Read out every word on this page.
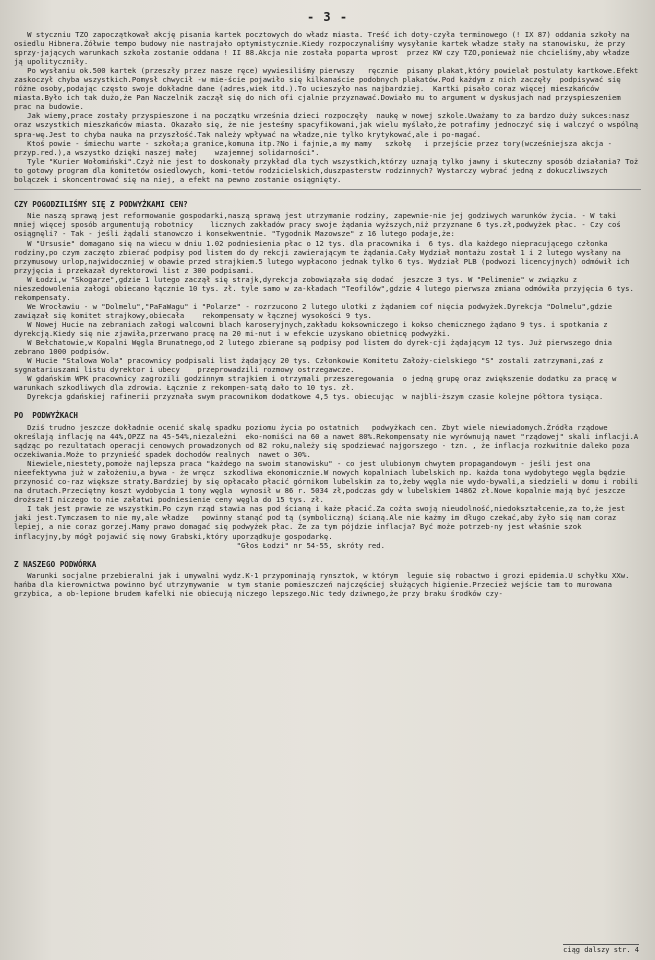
- 3 -

W styczniu TZO zapoczątkował akcję pisania kartek pocztowych do władz miasta. Treść ich doty-czyła terminowego (! IX 87) oddania szkoły na osiedlu Hibnera.Żółwie tempo budowy nie nastrajało optymistycznie.Kiedy rozpoczynaliśmy wysyłanie kartek władze stały na stanowisku, że przy sprzy-jających warunkach szkoła zostanie oddana ! II 88.Akcja nie została poparta wprost  przez KW czy TZO,ponieważ nie chcieliśmy,aby władze ją upolityczniły.

Po wysłaniu ok.500 kartek (przeszły przez nasze ręce) wywiesiliśmy pierwszy   ręcznie  pisany plakat,który powielał postulaty kartkowe.Efekt zaskoczył chyba wszystkich.Pomysł chwycił -w mie-ście pojawiło się kilkanaście podobnych plakatów.Pod każdym z nich zaczęły  podpisywać się różne osoby,podając często swoje dokładne dane (adres,wiek itd.).To ucieszyło nas najbardziej.  Kartki pisało coraz więcej mieszkańców miasta.Było ich tak dużo,że Pan Naczelnik zaczął się do nich ofi cjalnie przyznawać.Dowiało mu to argument w dyskusjach nad przyspieszeniem prac na budowie.

Jak wiemy,prace zostały przyspieszone i na początku września dzieci rozpoczęły  naukę w nowej szkole.Uważamy to za bardzo duży sukces:nasz oraz wszystkich mieszkańców miasta. Okazało się, że nie jesteśmy spacyfikowani,jak wielu myślało,że potrafimy jednoczyć się i walczyć o wspólną spra-wę.Jest to chyba nauka na przyszłość.Tak należy wpływać na władze,nie tylko krytykować,ale i po-magać.

Ktoś powie - śmiechu warte - szkoła;a granice,komuna itp.?No i fajnie,a my mamy   szkołę   i przejście przez tory(wcześniejsza akcja - przyp.red.),a wszystko dzięki naszej małej    wzajemnej solidarności".

Tyle "Kurier Wołomiński".Czyż nie jest to doskonały przykład dla tych wszystkich,którzy uznają tylko jawny i skuteczny sposób działania? Toż to gotowy program dla komitetów osiedlowych, komi-tetów rodzicielskich,duszpasterstw rodzinnych? Wystarczy wybrać jedną z dokuczliwszych bolączek i skoncentrować się na niej, a efekt na pewno zostanie osiągnięty.

CZY POGODZILIŚMY SIĘ Z PODWYŻKAMI CEN?

Nie naszą sprawą jest reformowanie gospodarki,naszą sprawą jest utrzymanie rodziny, zapewnie-nie jej godziwych warunków życia. - W taki mniej więcej sposób argumentują robotnicy    licznych zakładów pracy swoje żądania wyższych,niż przyznane 6 tys.zł,podwyżek płac. - Czy coś osiągnęli? - Tak - jeśli żądali stanowczo i konsekwentnie. "Tygodnik Mazowsze" z 16 lutego podaje,że:

W "Ursusie" domagano się na wiecu w dniu 1.02 podniesienia płac o 12 tys. dla pracownika i  6 tys. dla każdego niepracującego członka rodziny,po czym zaczęto zbierać podpisy pod listem do dy rekcji zawierającym te żądania.Cały Wydział montażu został 1 i 2 lutego wysłany na  przymusowy urlop,najwidoczniej w obawie przed strajkiem.5 lutego wypłacono jednak tylko 6 tys. Wydział PLB (podwozi licencyjnych) odmówił ich przyjęcia i przekazał dyrektorowi list z 300 podpisami.

W Łodzi,w "Skogarze",gdzie 1 lutego zaczął się strajk,dyrekcja zobowiązała się dodać  jeszcze 3 tys. W "Pelimenie" w związku z nieszedowolenia załogi obiecano łącznie 10 tys. zł. tyle samo w za-kładach "Teofilów",gdzie 4 lutego pierwsza zmiana odmówiła przyjęcia 6 tys. rekompensaty.

We Wrocławiu - w "Dolmelu","PaFaWagu" i "Polarze" - rozrzucono 2 lutego ulotki z żądaniem cof nięcia podwyżek.Dyrekcja "Dolmelu",gdzie zawiązał się komitet strajkowy,obiecała    rekompensaty w łącznej wysokości 9 tys.

W Nowej Hucie na zebraniach załogi walcowni blach karoseryjnych,zakładu koksowniczego i kokso chemicznego żądano 9 tys. i spotkania z dyrekcją.Kiedy się nie zjawiła,przerwano pracę na 20 mi-nut i w efekcie uzyskano obietnicę podwyżki.

W Bełchatowie,w Kopalni Węgla Brunatnego,od 2 lutego zbierane są podpisy pod listem do dyrek-cji żądającym 12 tys. Już pierwszego dnia zebrano 1000 podpisów.

W Hucie "Stalowa Wola" pracownicy podpisali list żądający 20 tys. Członkowie Komitetu Założy-cielskiego "S" zostali zatrzymani,zaś z sygnatariuszami listu dyrektor i ubecy    przeprowadzili rozmowy ostrzegawcze.

W gdańskim WPK pracownicy zagrozili godzinnym strajkiem i otrzymali przeszeregowania  o jedną grupę oraz zwiększenie dodatku za pracę w warunkach szkodliwych dla zdrowia. Łącznie z rekompen-satą dało to 10 tys. zł.

Dyrekcja gdańskiej rafinerii przyznała swym pracownikom dodatkowe 4,5 tys. obiecując  w najbli-ższym czasie kolejne półtora tysiąca.

PO  PODWYŻKACH

Dziś trudno jeszcze dokładnie ocenić skalę spadku poziomu życia po ostatnich   podwyżkach cen. Zbyt wiele niewiadomych.Źródła rządowe określają inflację na 44%,OPZZ na 45-54%,niezależni  eko-nomiści na 60 a nawet 80%.Rekompensaty nie wyrównują nawet "rządowej" skali inflacji.A sądząc po rezultatach operacji cenowych prowadzonych od 82 roku,należy się spodziewać najgorszego - tzn. , że inflacja rozkwitnie daleko poza oczekiwania.Może to przynieść spadek dochodów realnych  nawet o 30%.

Niewiele,niestety,pomoże najlepsza praca "każdego na swoim stanowisku" - co jest ulubionym chwytem propagandowym - jeśli jest ona nieefektywna już w założeniu,a bywa - że wręcz  szkodliwa ekonomicznie.W nowych kopalniach lubelskich np. każda tona wydobytego węgla będzie przynosić co-raz większe straty.Bardziej by się opłacało płacić górnikom lubelskim za to,żeby węgla nie wydo-bywali,a siedzieli w domu i robili na drutach.Przeciętny koszt wydobycia 1 tony węgla  wynosił w 86 r. 5034 zł,podczas gdy w lubelskiem 14862 zł.Nowe kopalnie mają być jeszcze droższe!I niczego to nie załatwi podniesienie ceny węgla do 15 tys. zł.

I tak jest prawie ze wszystkim.Po czym rząd stawia nas pod ścianą i każe płacić.Za cożta swoją nieudolność,niedokształcenie,za to,że jest jaki jest.Tymczasem to nie my,ale władze   powinny stanąć pod tą (symboliczną) ścianą.Ale nie każmy im długo czekać,aby żyło się nam coraz lepiej, a nie coraz gorzej.Mamy prawo domagać się podwyżek płac. Że za tym pójdzie inflacja? Być może potrzeb-ny jest właśnie szok inflacyjny,by mógł pojawić się nowy Grabski,który uporządkuje gospodarkę.

"Głos Łodzi" nr 54-55, skróty red.

Z NASZEGO PODWÓRKA

Warunki socjalne przebieralni jak i umywalni wydz.K-1 przypominają rynsztok, w którym  leguie się robactwo i grozi epidemia.U schyłku XXw. hańba dla kierownictwa powinno być utrzymywanie  w tym stanie pomieszczeń najczęściej służących higienie.Przecież wejście tam to murowana grzybica, a ob-lepione brudem kafelki nie obiecują niczego lepszego.Nic tedy dziwnego,że przy braku środków czy-

ciąg dalszy str. 4
